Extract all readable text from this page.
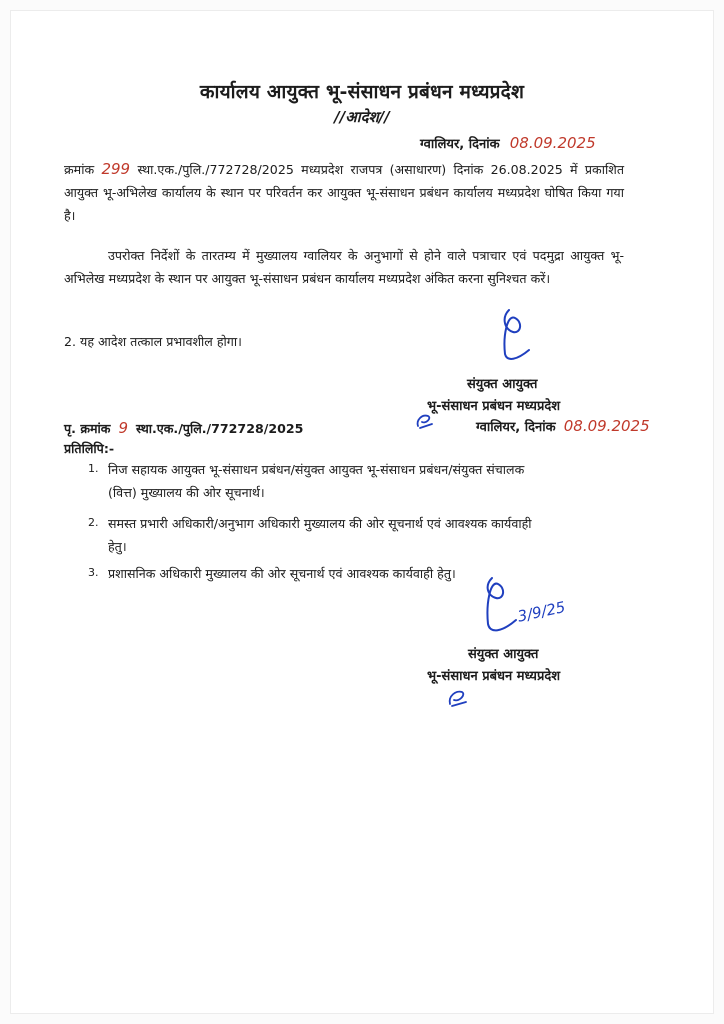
कार्यालय आयुक्त भू-संसाधन प्रबंधन मध्यप्रदेश
//आदेश//
ग्वालियर, दिनांक 08.09.2025
क्रमांक 299 स्था.एक./पुलि./772728/2025 मध्यप्रदेश राजपत्र (असाधारण) दिनांक 26.08.2025 में प्रकाशित आयुक्त भू-अभिलेख कार्यालय के स्थान पर परिवर्तन कर आयुक्त भू-संसाधन प्रबंधन कार्यालय मध्यप्रदेश घोषित किया गया है।
उपरोक्त निर्देशों के तारतम्य में मुख्यालय ग्वालियर के अनुभागों से होने वाले पत्राचार एवं पदमुद्रा आयुक्त भू-अभिलेख मध्यप्रदेश के स्थान पर आयुक्त भू-संसाधन प्रबंधन कार्यालय मध्यप्रदेश अंकित करना सुनिश्चत करें।
2. यह आदेश तत्काल प्रभावशील होगा।
संयुक्त आयुक्त
भू-संसाधन प्रबंधन मध्यप्रदेश
पृ. क्रमांक 9 स्था.एक./पुलि./772728/2025	ग्वालियर, दिनांक 08.09.2025
प्रतिलिपि:-
1. निज सहायक आयुक्त भू-संसाधन प्रबंधन/संयुक्त आयुक्त भू-संसाधन प्रबंधन/संयुक्त संचालक
(वित्त) मुख्यालय की ओर सूचनार्थ।
2. समस्त प्रभारी अधिकारी/अनुभाग अधिकारी मुख्यालय की ओर सूचनार्थ एवं आवश्यक कार्यवाही
हेतु।
3. प्रशासनिक अधिकारी मुख्यालय की ओर सूचनार्थ एवं आवश्यक कार्यवाही हेतु।
3/9/25
संयुक्त आयुक्त
भू-संसाधन प्रबंधन मध्यप्रदेश
